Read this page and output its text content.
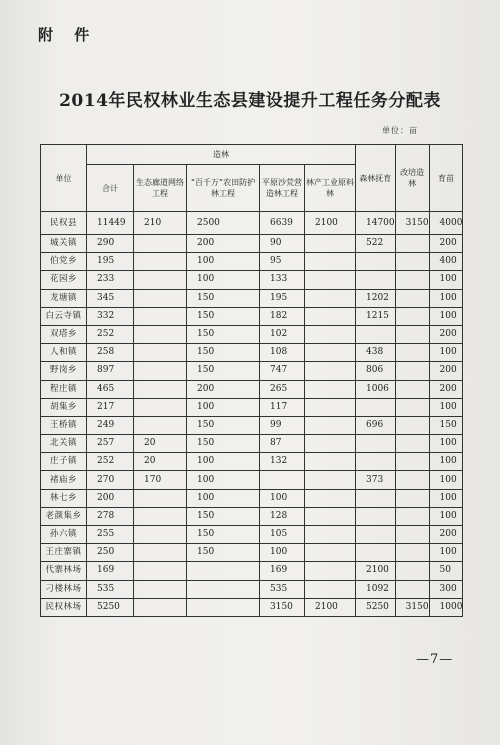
附 件
2014年民权林业生态县建设提升工程任务分配表
单位：亩
单位	造林					森林抚育	改培造林	育苗
	合计	生态廊道网络工程	“百千万”农田防护林工程	平原沙荒营造林工程	林产工业原料林			
民权县	11449	210	2500	6639	2100	14700	3150	4000
城关镇	290		200	90		522		200
伯党乡	195		100	95				400
花园乡	233		100	133				100
龙塘镇	345		150	195		1202		100
白云寺镇	332		150	182		1215		100
双塔乡	252		150	102				200
人和镇	258		150	108		438		100
野岗乡	897		150	747		806		200
程庄镇	465		200	265		1006		200
胡集乡	217		100	117				100
王桥镇	249		150	99		696		150
北关镇	257	20	150	87				100
庄子镇	252	20	100	132				100
褚庙乡	270	170	100			373		100
林七乡	200		100	100				100
老颜集乡	278		150	128				100
孙六镇	255		150	105				200
王庄寨镇	250		150	100				100
代寨林场	169			169		2100		50
刁楼林场	535			535		1092		300
民权林场	5250			3150	2100	5250	3150	1000
—7—
